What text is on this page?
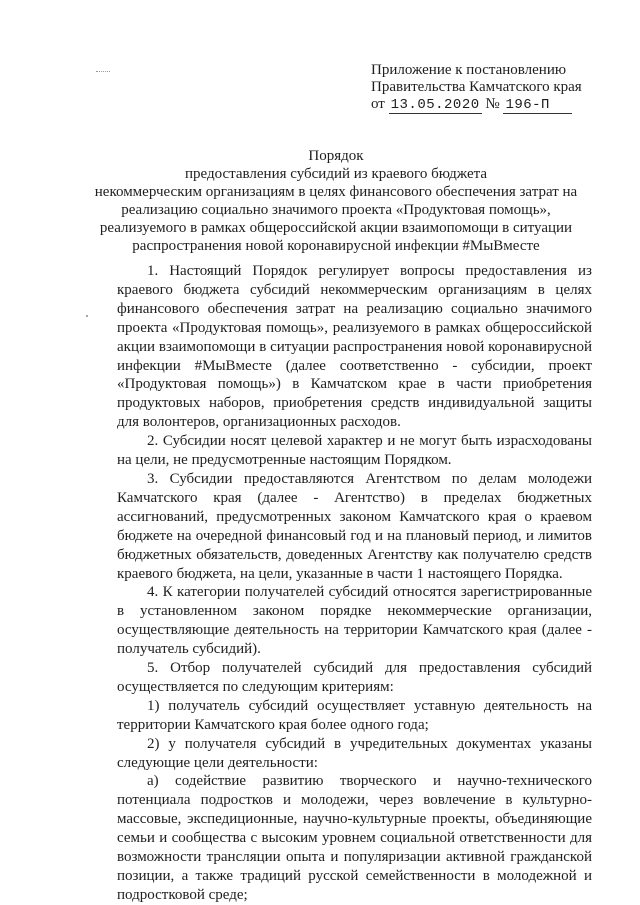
Приложение к постановлению
Правительства Камчатского края
от 13.05.2020 № 196-П
Порядок
предоставления субсидий из краевого бюджета
некоммерческим организациям в целях финансового обеспечения затрат на
реализацию социально значимого проекта «Продуктовая помощь»,
реализуемого в рамках общероссийской акции взаимопомощи в ситуации
распространения новой коронавирусной инфекции #МыВместе

1. Настоящий Порядок регулирует вопросы предоставления из краевого бюджета субсидий некоммерческим организациям в целях финансового обеспечения затрат на реализацию социально значимого проекта «Продуктовая помощь», реализуемого в рамках общероссийской акции взаимопомощи в ситуации распространения новой коронавирусной инфекции #МыВместе (далее соответственно - субсидии, проект «Продуктовая помощь») в Камчатском крае в части приобретения продуктовых наборов, приобретения средств индивидуальной защиты для волонтеров, организационных расходов.

2. Субсидии носят целевой характер и не могут быть израсходованы на цели, не предусмотренные настоящим Порядком.

3. Субсидии предоставляются Агентством по делам молодежи Камчатского края (далее - Агентство) в пределах бюджетных ассигнований, предусмотренных законом Камчатского края о краевом бюджете на очередной финансовый год и на плановый период, и лимитов бюджетных обязательств, доведенных Агентству как получателю средств краевого бюджета, на цели, указанные в части 1 настоящего Порядка.

4. К категории получателей субсидий относятся зарегистрированные в установленном законом порядке некоммерческие организации, осуществляющие деятельность на территории Камчатского края (далее - получатель субсидий).

5. Отбор получателей субсидий для предоставления субсидий осуществляется по следующим критериям:

1) получатель субсидий осуществляет уставную деятельность на территории Камчатского края более одного года;

2) у получателя субсидий в учредительных документах указаны следующие цели деятельности:

а) содействие развитию творческого и научно-технического потенциала подростков и молодежи, через вовлечение в культурно-массовые, экспедиционные, научно-культурные проекты, объединяющие семьи и сообщества с высоким уровнем социальной ответственности для возможности трансляции опыта и популяризации активной гражданской позиции, а также традиций русской семейственности в молодежной и подростковой среде;
